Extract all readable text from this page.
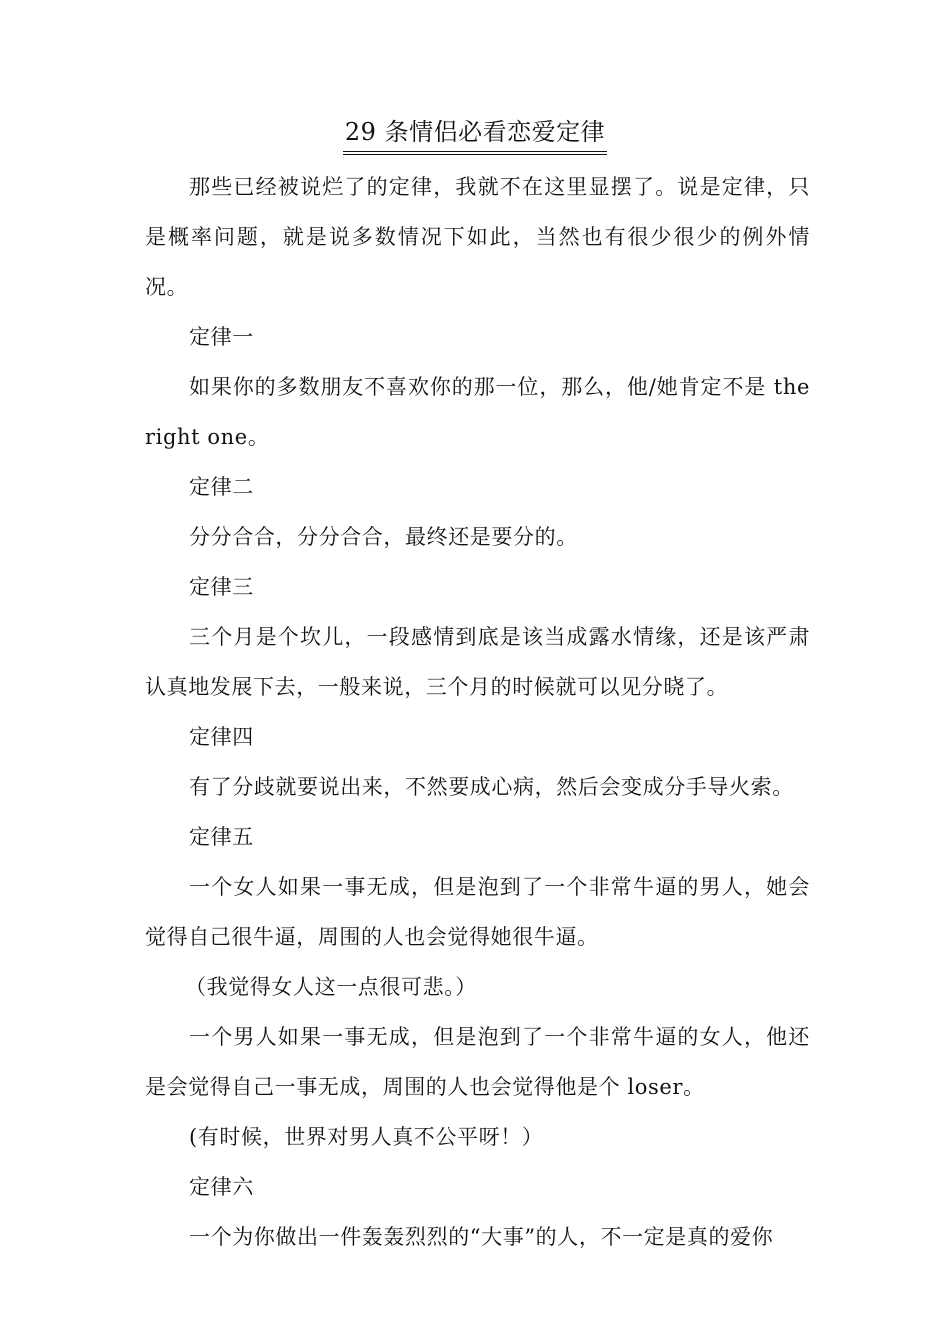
29 条情侣必看恋爱定律

那些已经被说烂了的定律，我就不在这里显摆了。说是定律，只是概率问题，就是说多数情况下如此，当然也有很少很少的例外情况。

定律一

如果你的多数朋友不喜欢你的那一位，那么，他/她肯定不是 the right one。

定律二

分分合合，分分合合，最终还是要分的。

定律三

三个月是个坎儿，一段感情到底是该当成露水情缘，还是该严肃认真地发展下去，一般来说，三个月的时候就可以见分晓了。

定律四

有了分歧就要说出来，不然要成心病，然后会变成分手导火索。

定律五

一个女人如果一事无成，但是泡到了一个非常牛逼的男人，她会觉得自己很牛逼，周围的人也会觉得她很牛逼。

（我觉得女人这一点很可悲。）

一个男人如果一事无成，但是泡到了一个非常牛逼的女人，他还是会觉得自己一事无成，周围的人也会觉得他是个 loser。

(有时候，世界对男人真不公平呀！）

定律六

一个为你做出一件轰轰烈烈的“大事”的人，不一定是真的爱你
